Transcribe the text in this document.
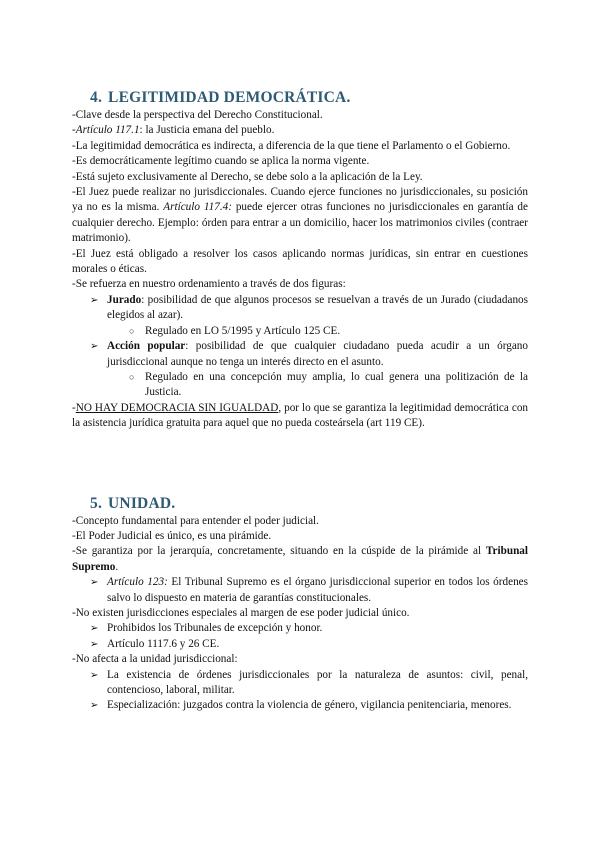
4. LEGITIMIDAD DEMOCRÁTICA.

-Clave desde la perspectiva del Derecho Constitucional.

-Artículo 117.1: la Justicia emana del pueblo.

-La legitimidad democrática es indirecta, a diferencia de la que tiene el Parlamento o el Gobierno.

-Es democráticamente legítimo cuando se aplica la norma vigente.

-Está sujeto exclusivamente al Derecho, se debe solo a la aplicación de la Ley.

-El Juez puede realizar no jurisdiccionales. Cuando ejerce funciones no jurisdiccionales, su posición ya no es la misma. Artículo 117.4: puede ejercer otras funciones no jurisdiccionales en garantía de cualquier derecho. Ejemplo: órden para entrar a un domicilio, hacer los matrimonios civiles (contraer matrimonio).

-El Juez está obligado a resolver los casos aplicando normas jurídicas, sin entrar en cuestiones morales o éticas.

-Se refuerza en nuestro ordenamiento a través de dos figuras:

➢ Jurado: posibilidad de que algunos procesos se resuelvan a través de un Jurado (ciudadanos elegidos al azar).
○ Regulado en LO 5/1995 y Artículo 125 CE.
➢ Acción popular: posibilidad de que cualquier ciudadano pueda acudir a un órgano jurisdiccional aunque no tenga un interés directo en el asunto.
○ Regulado en una concepción muy amplia, lo cual genera una politización de la Justicia.

-NO HAY DEMOCRACIA SIN IGUALDAD, por lo que se garantiza la legitimidad democrática con la asistencia jurídica gratuita para aquel que no pueda costeársela (art 119 CE).

5. UNIDAD.

-Concepto fundamental para entender el poder judicial.

-El Poder Judicial es único, es una pirámide.

-Se garantiza por la jerarquía, concretamente, situando en la cúspide de la pirámide al Tribunal Supremo.

➢ Artículo 123: El Tribunal Supremo es el órgano jurisdiccional superior en todos los órdenes salvo lo dispuesto en materia de garantías constitucionales.

-No existen jurisdicciones especiales al margen de ese poder judicial único.

➢ Prohibidos los Tribunales de excepción y honor.
➢ Artículo 1117.6 y 26 CE.

-No afecta a la unidad jurisdiccional:

➢ La existencia de órdenes jurisdiccionales por la naturaleza de asuntos: civil, penal, contencioso, laboral, militar.
➢ Especialización: juzgados contra la violencia de género, vigilancia penitenciaria, menores.
